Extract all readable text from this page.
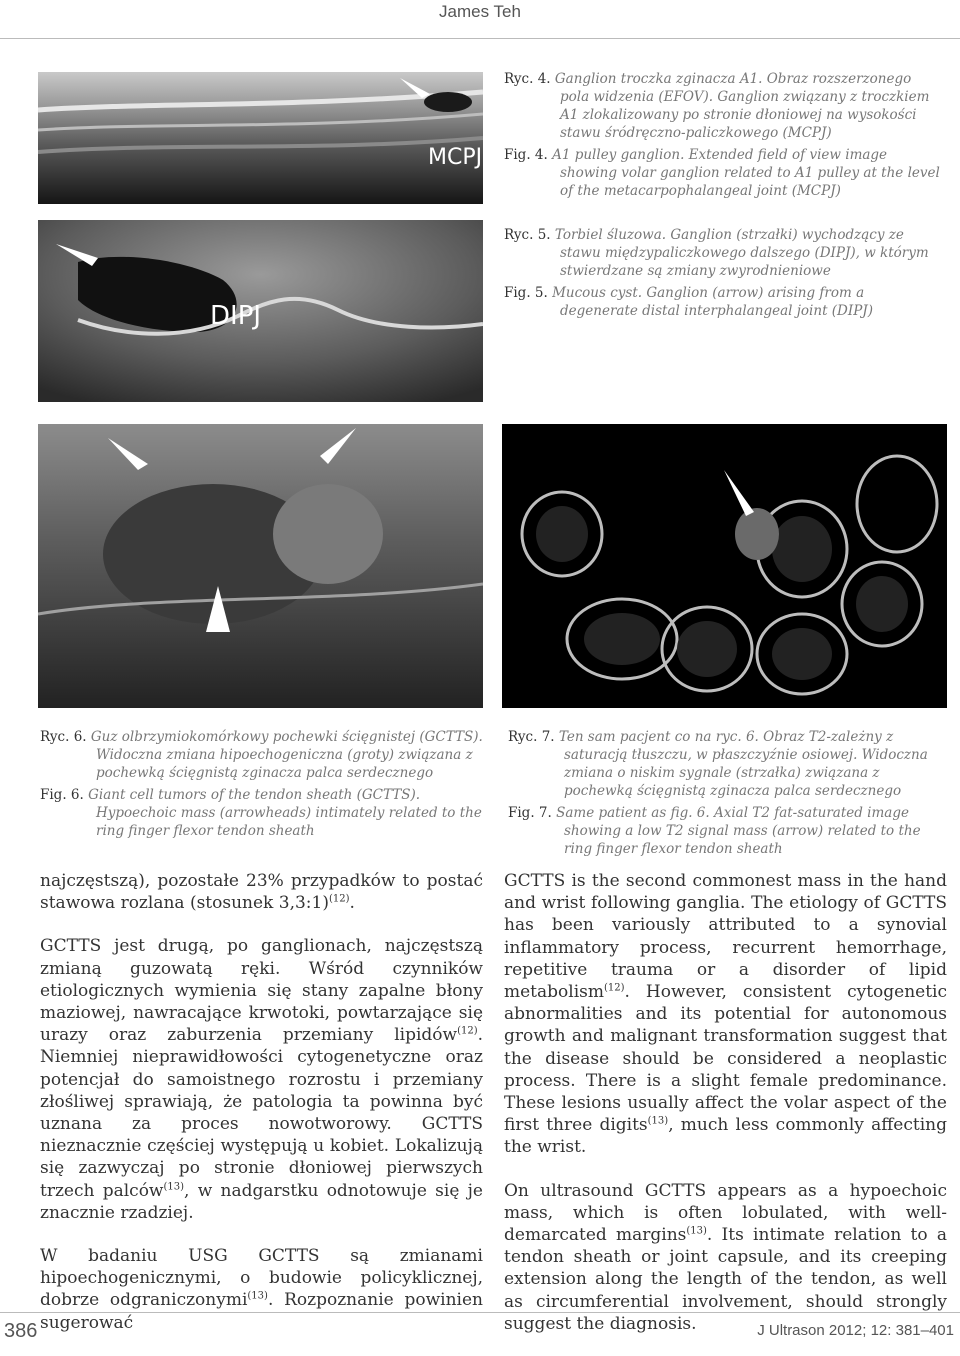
James Teh
MCPJ

Ryc. 4. Ganglion troczka zginacza A1. Obraz rozszerzonego pola widzenia (EFOV). Ganglion związany z troczkiem A1 zlokalizowany po stronie dłoniowej na wysokości stawu śródręczno-paliczkowego (MCPJ)

Fig. 4. A1 pulley ganglion. Extended field of view image showing volar ganglion related to A1 pulley at the level of the metacarpophalangeal joint (MCPJ)

DIPJ

Ryc. 5. Torbiel śluzowa. Ganglion (strzałki) wychodzący ze stawu międzypaliczkowego dalszego (DIPJ), w którym stwierdzane są zmiany zwyrodnieniowe

Fig. 5. Mucous cyst. Ganglion (arrow) arising from a degenerate distal interphalangeal joint (DIPJ)

Ryc. 6. Guz olbrzymiokomórkowy pochewki ścięgnistej (GCTTS). Widoczna zmiana hipoechogeniczna (groty) związana z pochewką ścięgnistą zginacza palca serdecznego

Fig. 6. Giant cell tumors of the tendon sheath (GCTTS). Hypoechoic mass (arrowheads) intimately related to the ring finger flexor tendon sheath

Ryc. 7. Ten sam pacjent co na ryc. 6. Obraz T2-zależny z saturacją tłuszczu, w płaszczyźnie osiowej. Widoczna zmiana o niskim sygnale (strzałka) związana z pochewką ścięgnistą zginacza palca serdecznego

Fig. 7. Same patient as fig. 6. Axial T2 fat-saturated image showing a low T2 signal mass (arrow) related to the ring finger flexor tendon sheath

najczęstszą), pozostałe 23% przypadków to postać stawowa rozlana (stosunek 3,3:1)$^{(12)}$.

GCTTS jest drugą, po ganglionach, najczęstszą zmianą guzowatą ręki. Wśród czynników etiologicznych wymienia się stany zapalne błony maziowej, nawracające krwotoki, powtarzające się urazy oraz zaburzenia przemiany lipidów$^{(12)}$. Niemniej nieprawidłowości cytogenetyczne oraz potencjał do samoistnego rozrostu i przemiany złośliwej sprawiają, że patologia ta powinna być uznana za proces nowotworowy. GCTTS nieznacznie częściej występują u kobiet. Lokalizują się zazwyczaj po stronie dłoniowej pierwszych trzech palców$^{(13)}$, w nadgarstku odnotowuje się je znacznie rzadziej.

W badaniu USG GCTTS są zmianami hipoechogenicznymi, o budowie policyklicznej, dobrze odgraniczonymi$^{(13)}$. Rozpoznanie powinien sugerować

GCTTS is the second commonest mass in the hand and wrist following ganglia. The etiology of GCTTS has been variously attributed to a synovial inflammatory process, recurrent hemorrhage, repetitive trauma or a disorder of lipid metabolism$^{(12)}$. However, consistent cytogenetic abnormalities and its potential for autonomous growth and malignant transformation suggest that the disease should be considered a neoplastic process. There is a slight female predominance. These lesions usually affect the volar aspect of the first three digits$^{(13)}$, much less commonly affecting the wrist.

On ultrasound GCTTS appears as a hypoechoic mass, which is often lobulated, with well-demarcated margins$^{(13)}$. Its intimate relation to a tendon sheath or joint capsule, and its creeping extension along the length of the tendon, as well as circumferential involvement, should strongly suggest the diagnosis.

386	J Ultrason 2012; 12: 381–401
